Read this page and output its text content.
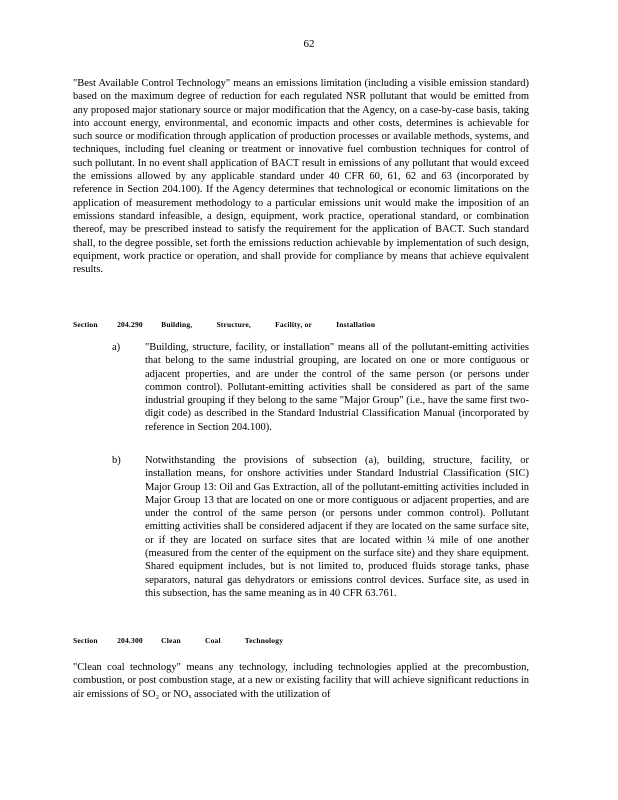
62

"Best Available Control Technology" means an emissions limitation (including a visible emission standard) based on the maximum degree of reduction for each regulated NSR pollutant that would be emitted from any proposed major stationary source or major modification that the Agency, on a case-by-case basis, taking into account energy, environmental, and economic impacts and other costs, determines is achievable for such source or modification through application of production processes or available methods, systems, and techniques, including fuel cleaning or treatment or innovative fuel combustion techniques for control of such pollutant. In no event shall application of BACT result in emissions of any pollutant that would exceed the emissions allowed by any applicable standard under 40 CFR 60, 61, 62 and 63 (incorporated by reference in Section 204.100). If the Agency determines that technological or economic limitations on the application of measurement methodology to a particular emissions unit would make the imposition of an emissions standard infeasible, a design, equipment, work practice, operational standard, or combination thereof, may be prescribed instead to satisfy the requirement for the application of BACT. Such standard shall, to the degree possible, set forth the emissions reduction achievable by implementation of such design, equipment, work practice or operation, and shall provide for compliance by means that achieve equivalent results.

Section	204.290 Building,	Structure,	Facility, or	Installation
a) "Building, structure, facility, or installation" means all of the pollutant-emitting activities that belong to the same industrial grouping, are located on one or more contiguous or adjacent properties, and are under the control of the same person (or persons under common control). Pollutant-emitting activities shall be considered as part of the same industrial grouping if they belong to the same "Major Group" (i.e., have the same first two-digit code) as described in the Standard Industrial Classification Manual (incorporated by reference in Section 204.100).
b) Notwithstanding the provisions of subsection (a), building, structure, facility, or installation means, for onshore activities under Standard Industrial Classification (SIC) Major Group 13: Oil and Gas Extraction, all of the pollutant-emitting activities included in Major Group 13 that are located on one or more contiguous or adjacent properties, and are under the control of the same person (or persons under common control). Pollutant emitting activities shall be considered adjacent if they are located on the same surface site, or if they are located on surface sites that are located within ¼ mile of one another (measured from the center of the equipment on the surface site) and they share equipment. Shared equipment includes, but is not limited to, produced fluids storage tanks, phase separators, natural gas dehydrators or emissions control devices. Surface site, as used in this subsection, has the same meaning as in 40 CFR 63.761.
Section	204.300 Clean	Coal	Technology

"Clean coal technology" means any technology, including technologies applied at the precombustion, combustion, or post combustion stage, at a new or existing facility that will achieve significant reductions in air emissions of SO₂ or NOₓ associated with the utilization of
